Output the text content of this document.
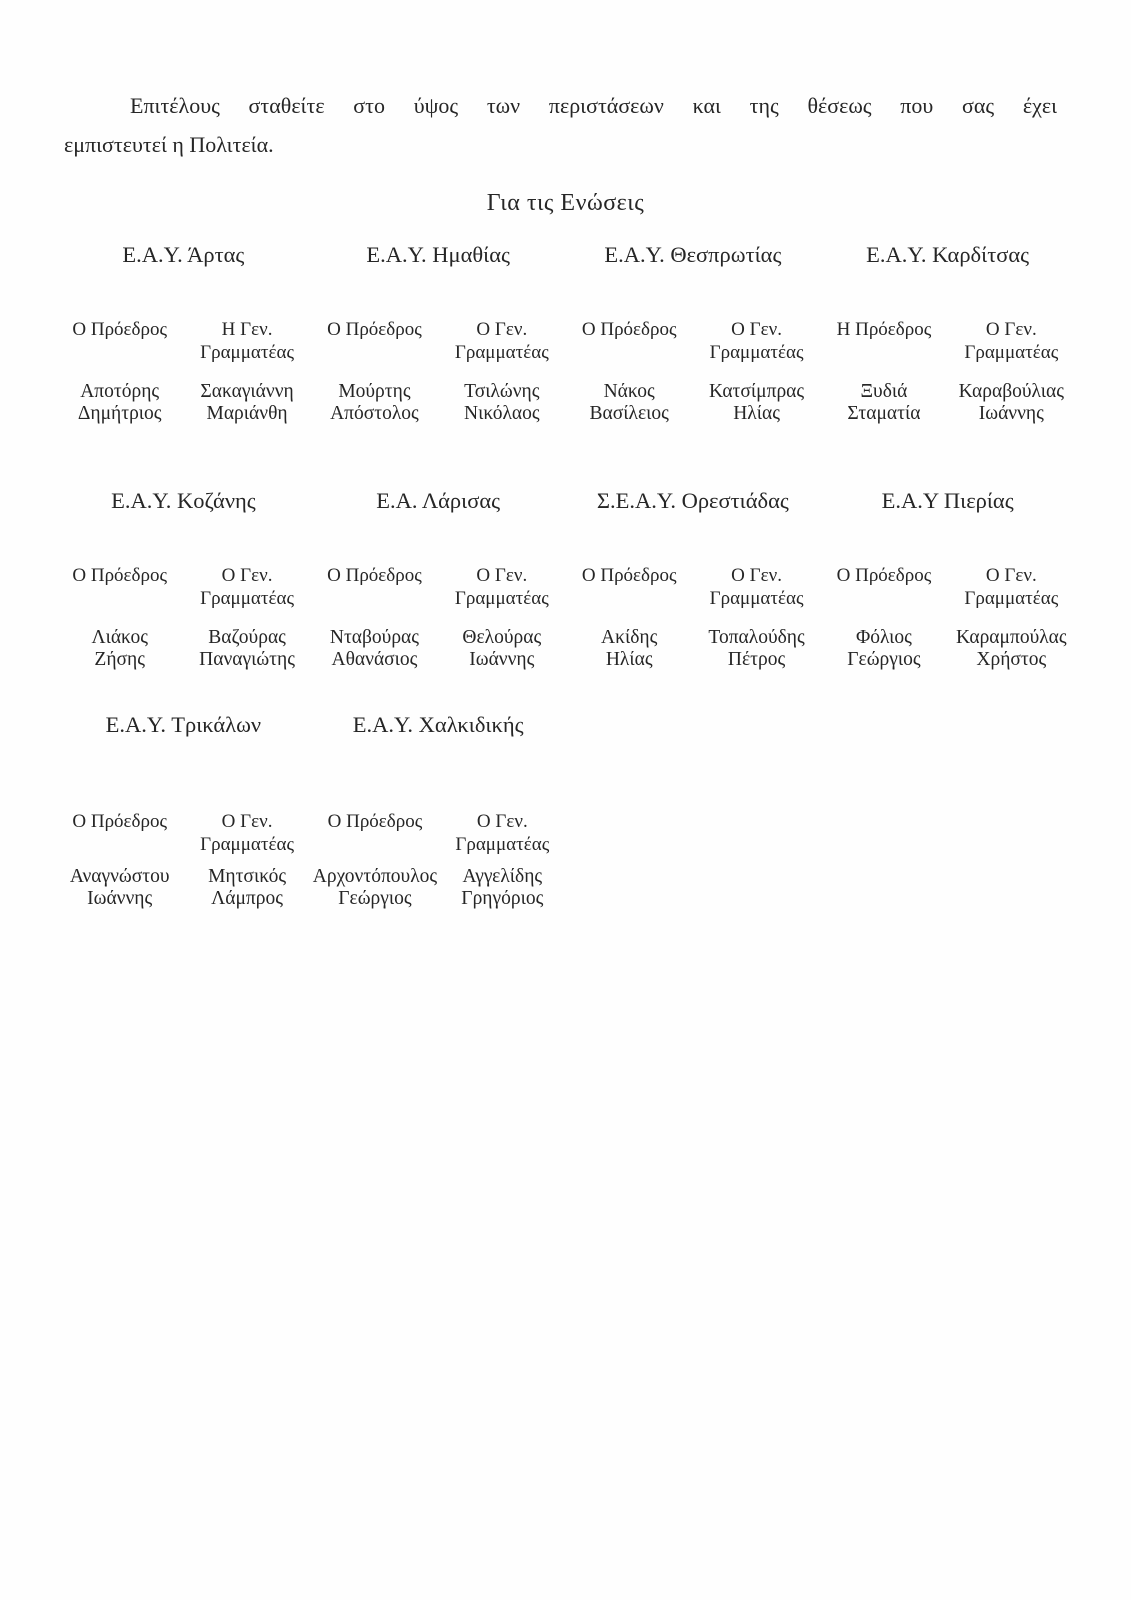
Επιτέλους σταθείτε στο ύψος των περιστάσεων και της θέσεως που σας έχει
εμπιστευτεί η Πολιτεία.

Για τις Ενώσεις
Ε.Α.Υ. Άρτας
Ο Πρόεδρος
Αποτόρης
Δημήτριος
Η Γεν. Γραμματέας
Σακαγιάννη
Μαριάνθη
Ε.Α.Υ. Ημαθίας
Ο Πρόεδρος
Μούρτης
Απόστολος
Ο Γεν. Γραμματέας
Τσιλώνης
Νικόλαος
Ε.Α.Υ. Θεσπρωτίας
Ο Πρόεδρος
Νάκος
Βασίλειος
Ο Γεν. Γραμματέας
Κατσίμπρας
Ηλίας
Ε.Α.Υ. Καρδίτσας
Η Πρόεδρος
Ξυδιά
Σταματία
Ο Γεν. Γραμματέας
Καραβούλιας
Ιωάννης
Ε.Α.Υ. Κοζάνης
Ο Πρόεδρος
Λιάκος
Ζήσης
Ο Γεν. Γραμματέας
Βαζούρας
Παναγιώτης
Ε.Α. Λάρισας
Ο Πρόεδρος
Νταβούρας
Αθανάσιος
Ο Γεν. Γραμματέας
Θελούρας
Ιωάννης
Σ.Ε.Α.Υ. Ορεστιάδας
Ο Πρόεδρος
Ακίδης
Ηλίας
Ο Γεν. Γραμματέας
Τοπαλούδης
Πέτρος
Ε.Α.Υ Πιερίας
Ο Πρόεδρος
Φόλιος
Γεώργιος
Ο Γεν. Γραμματέας
Καραμπούλας
Χρήστος
Ε.Α.Υ. Τρικάλων
Ο Πρόεδρος
Αναγνώστου
Ιωάννης
Ο Γεν. Γραμματέας
Μητσικός
Λάμπρος
Ε.Α.Υ. Χαλκιδικής
Ο Πρόεδρος
Αρχοντόπουλος
Γεώργιος
Ο Γεν. Γραμματέας
Αγγελίδης
Γρηγόριος
